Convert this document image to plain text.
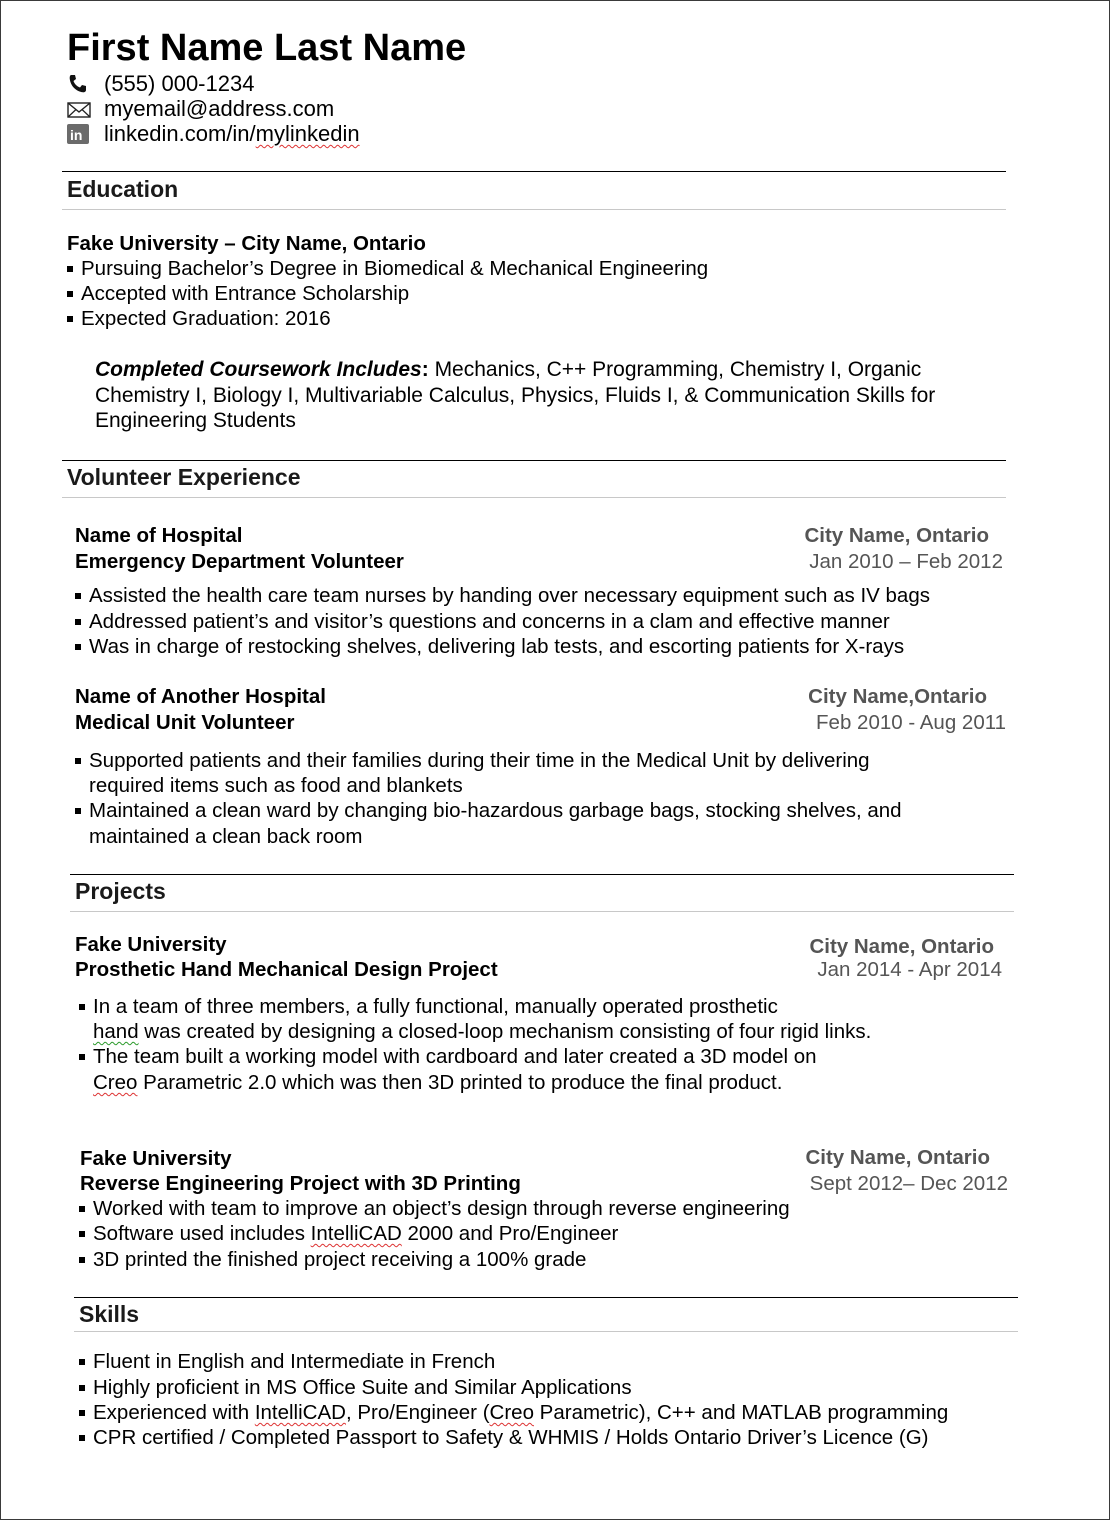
First Name Last Name
(555) 000-1234
myemail@address.com
in linkedin.com/in/mylinkedin
Education
Fake University – City Name, Ontario
Pursuing Bachelor’s Degree in Biomedical & Mechanical Engineering
Accepted with Entrance Scholarship
Expected Graduation: 2016
Completed Coursework Includes: Mechanics, C++ Programming, Chemistry I, Organic
Chemistry I, Biology I, Multivariable Calculus, Physics, Fluids I, & Communication Skills for
Engineering Students
Volunteer Experience
Name of Hospital
Emergency Department Volunteer
City Name, Ontario
Jan 2010 – Feb 2012
Assisted the health care team nurses by handing over necessary equipment such as IV bags
Addressed patient’s and visitor’s questions and concerns in a clam and effective manner
Was in charge of restocking shelves, delivering lab tests, and escorting patients for X-rays
Name of Another Hospital
Medical Unit Volunteer
City Name,Ontario
Feb 2010 - Aug 2011
Supported patients and their families during their time in the Medical Unit by delivering
required items such as food and blankets
Maintained a clean ward by changing bio-hazardous garbage bags, stocking shelves, and
maintained a clean back room
Projects
Fake University
Prosthetic Hand Mechanical Design Project
City Name, Ontario
Jan 2014 - Apr 2014
In a team of three members, a fully functional, manually operated prosthetic
hand was created by designing a closed-loop mechanism consisting of four rigid links.
The team built a working model with cardboard and later created a 3D model on
Creo Parametric 2.0 which was then 3D printed to produce the final product.
Fake University
Reverse Engineering Project with 3D Printing
City Name, Ontario
Sept 2012– Dec 2012
Worked with team to improve an object’s design through reverse engineering
Software used includes IntelliCAD 2000 and Pro/Engineer
3D printed the finished project receiving a 100% grade
Skills
Fluent in English and Intermediate in French
Highly proficient in MS Office Suite and Similar Applications
Experienced with IntelliCAD, Pro/Engineer (Creo Parametric), C++ and MATLAB programming
CPR certified / Completed Passport to Safety & WHMIS / Holds Ontario Driver’s Licence (G)
